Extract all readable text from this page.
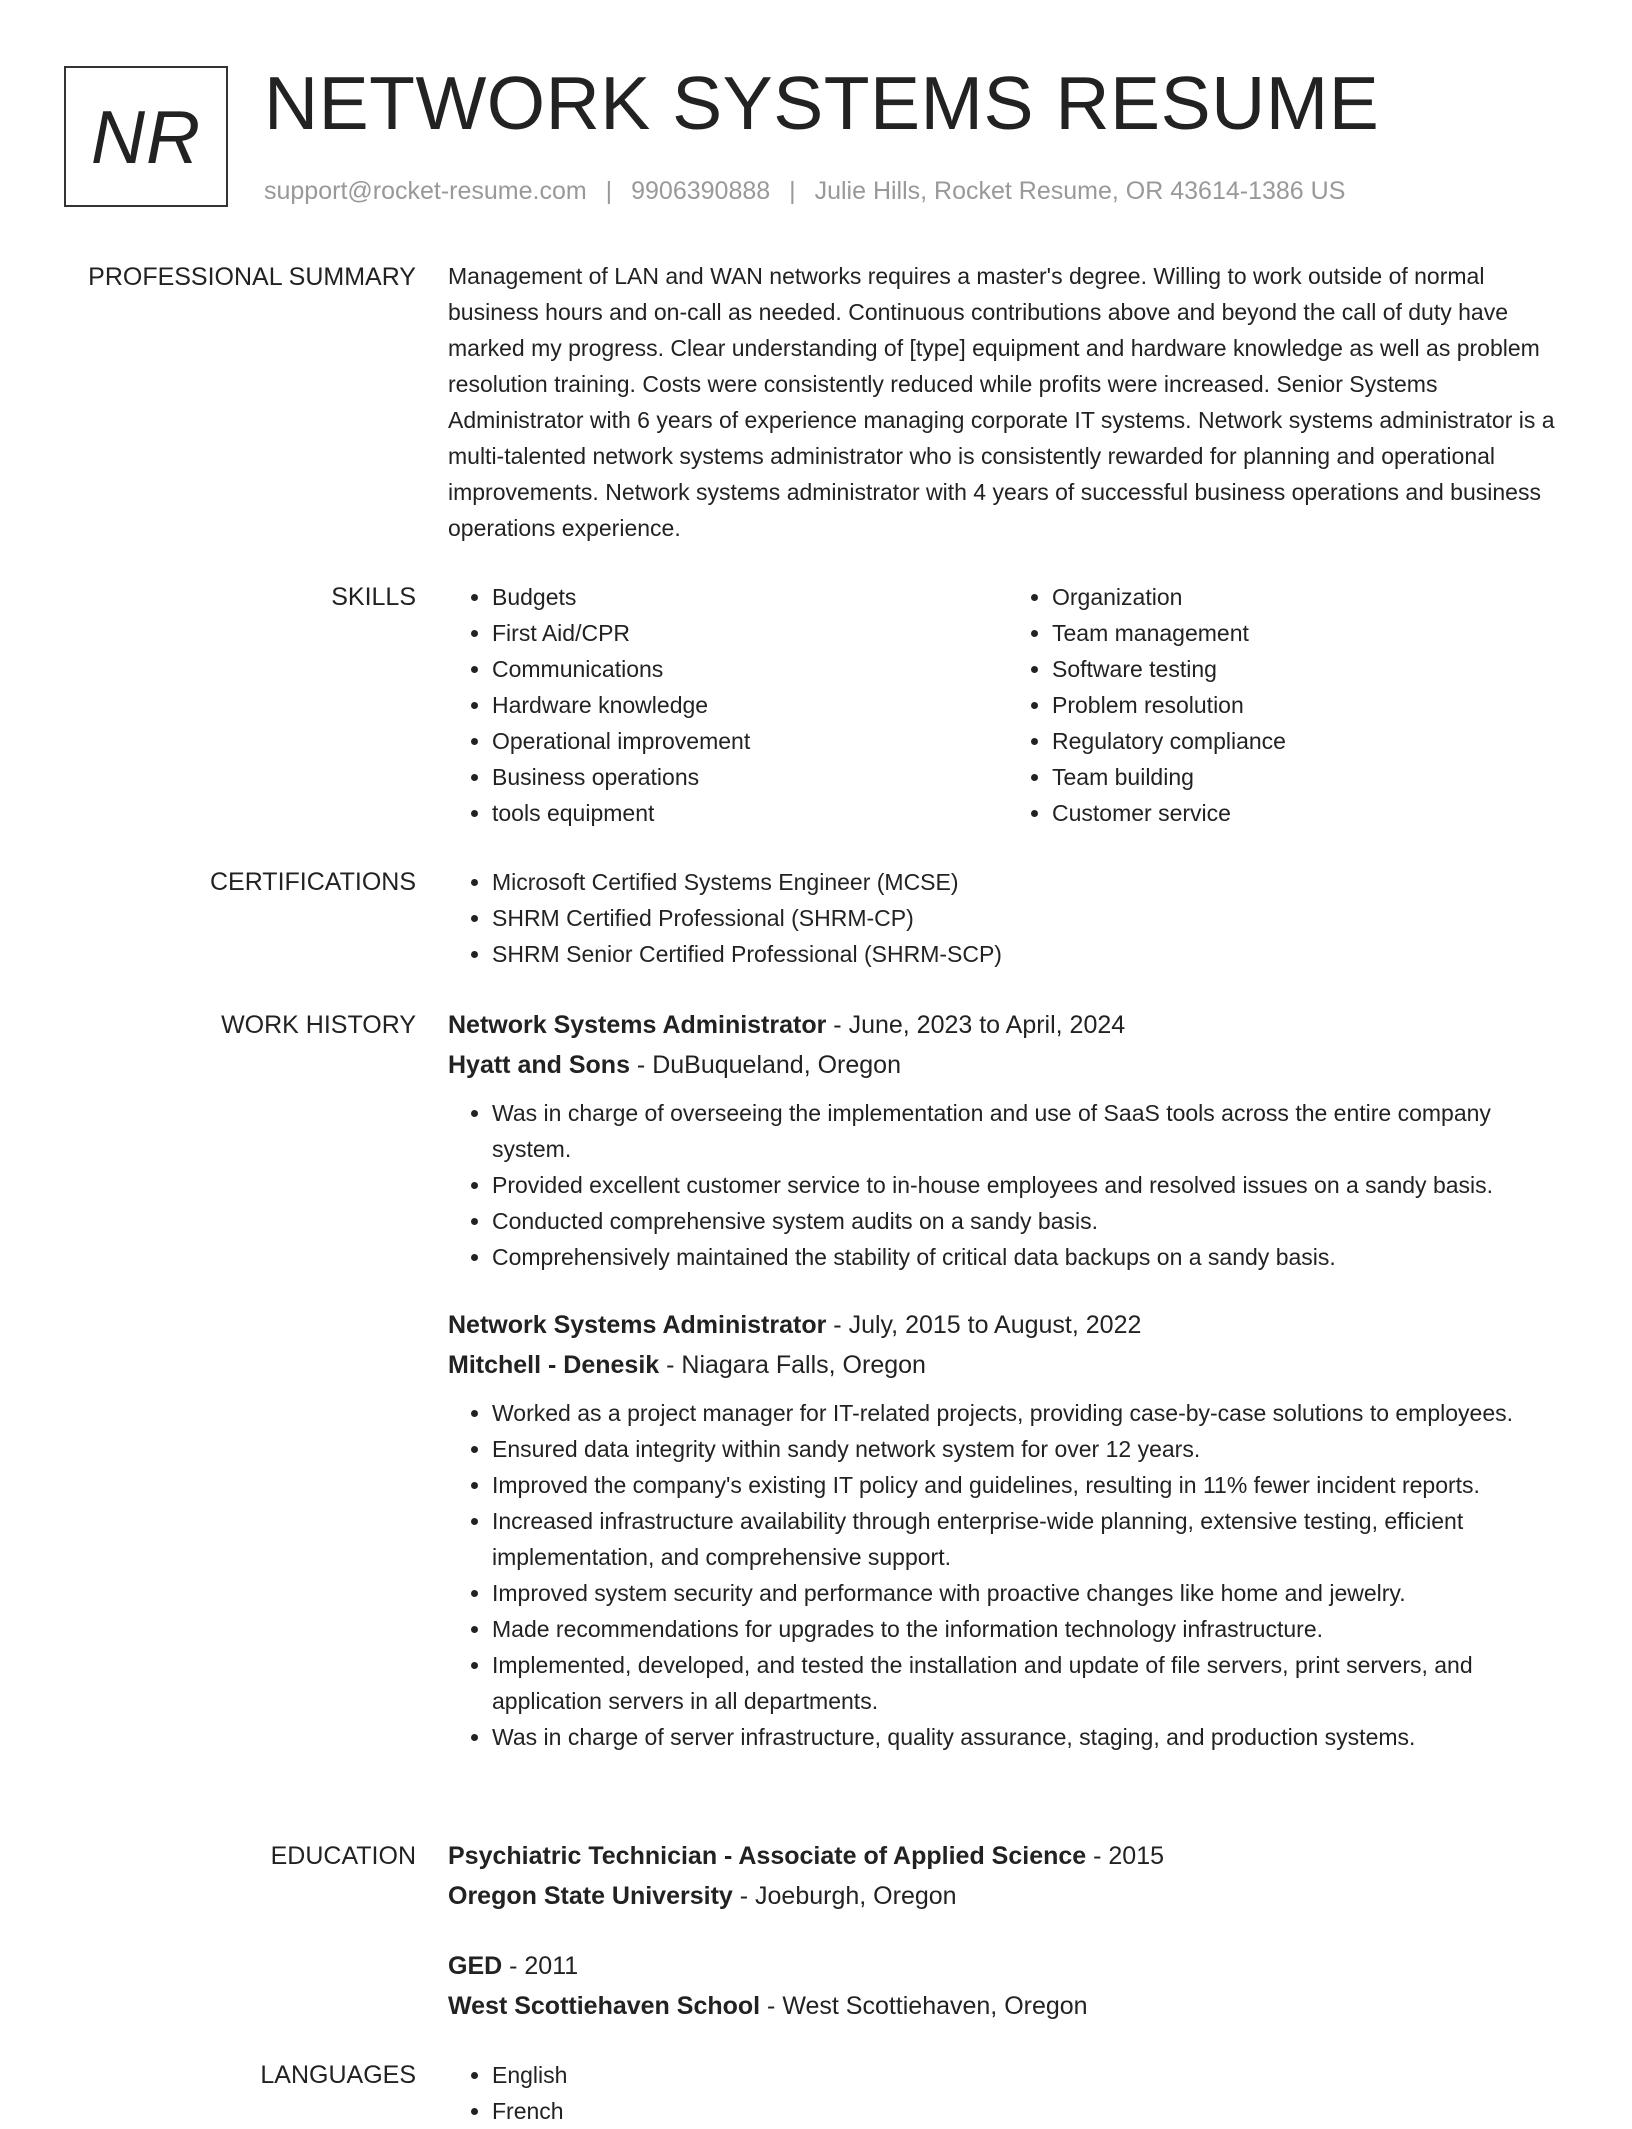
NR NETWORK SYSTEMS RESUME
support@rocket-resume.com | 9906390888 | Julie Hills, Rocket Resume, OR 43614-1386 US
PROFESSIONAL SUMMARY Management of LAN and WAN networks requires a master's degree. Willing to work outside of normal business hours and on-call as needed. Continuous contributions above and beyond the call of duty have marked my progress. Clear understanding of [type] equipment and hardware knowledge as well as problem resolution training. Costs were consistently reduced while profits were increased. Senior Systems Administrator with 6 years of experience managing corporate IT systems. Network systems administrator is a multi-talented network systems administrator who is consistently rewarded for planning and operational improvements. Network systems administrator with 4 years of successful business operations and business operations experience.

SKILLS	• Budgets
• First Aid/CPR
• Communications
• Hardware knowledge
• Operational improvement
• Business operations
• tools equipment
• Organization
• Team management
• Software testing
• Problem resolution
• Regulatory compliance
• Team building
• Customer service
CERTIFICATIONS	• Microsoft Certified Systems Engineer (MCSE)
• SHRM Certified Professional (SHRM-CP)
• SHRM Senior Certified Professional (SHRM-SCP)
WORK HISTORY Network Systems Administrator - June, 2023 to April, 2024
Hyatt and Sons - DuBuqueland, Oregon
• Was in charge of overseeing the implementation and use of SaaS tools across the entire company system.
• Provided excellent customer service to in-house employees and resolved issues on a sandy basis.
• Conducted comprehensive system audits on a sandy basis.
• Comprehensively maintained the stability of critical data backups on a sandy basis.
Network Systems Administrator - July, 2015 to August, 2022
Mitchell - Denesik - Niagara Falls, Oregon
• Worked as a project manager for IT-related projects, providing case-by-case solutions to employees.
• Ensured data integrity within sandy network system for over 12 years.
• Improved the company's existing IT policy and guidelines, resulting in 11% fewer incident reports.
• Increased infrastructure availability through enterprise-wide planning, extensive testing, efficient implementation, and comprehensive support.
• Improved system security and performance with proactive changes like home and jewelry.
• Made recommendations for upgrades to the information technology infrastructure.
• Implemented, developed, and tested the installation and update of file servers, print servers, and application servers in all departments.
• Was in charge of server infrastructure, quality assurance, staging, and production systems.
EDUCATION Psychiatric Technician - Associate of Applied Science - 2015
Oregon State University - Joeburgh, Oregon
GED - 2011
West Scottiehaven School - West Scottiehaven, Oregon
LANGUAGES	• English
• French
